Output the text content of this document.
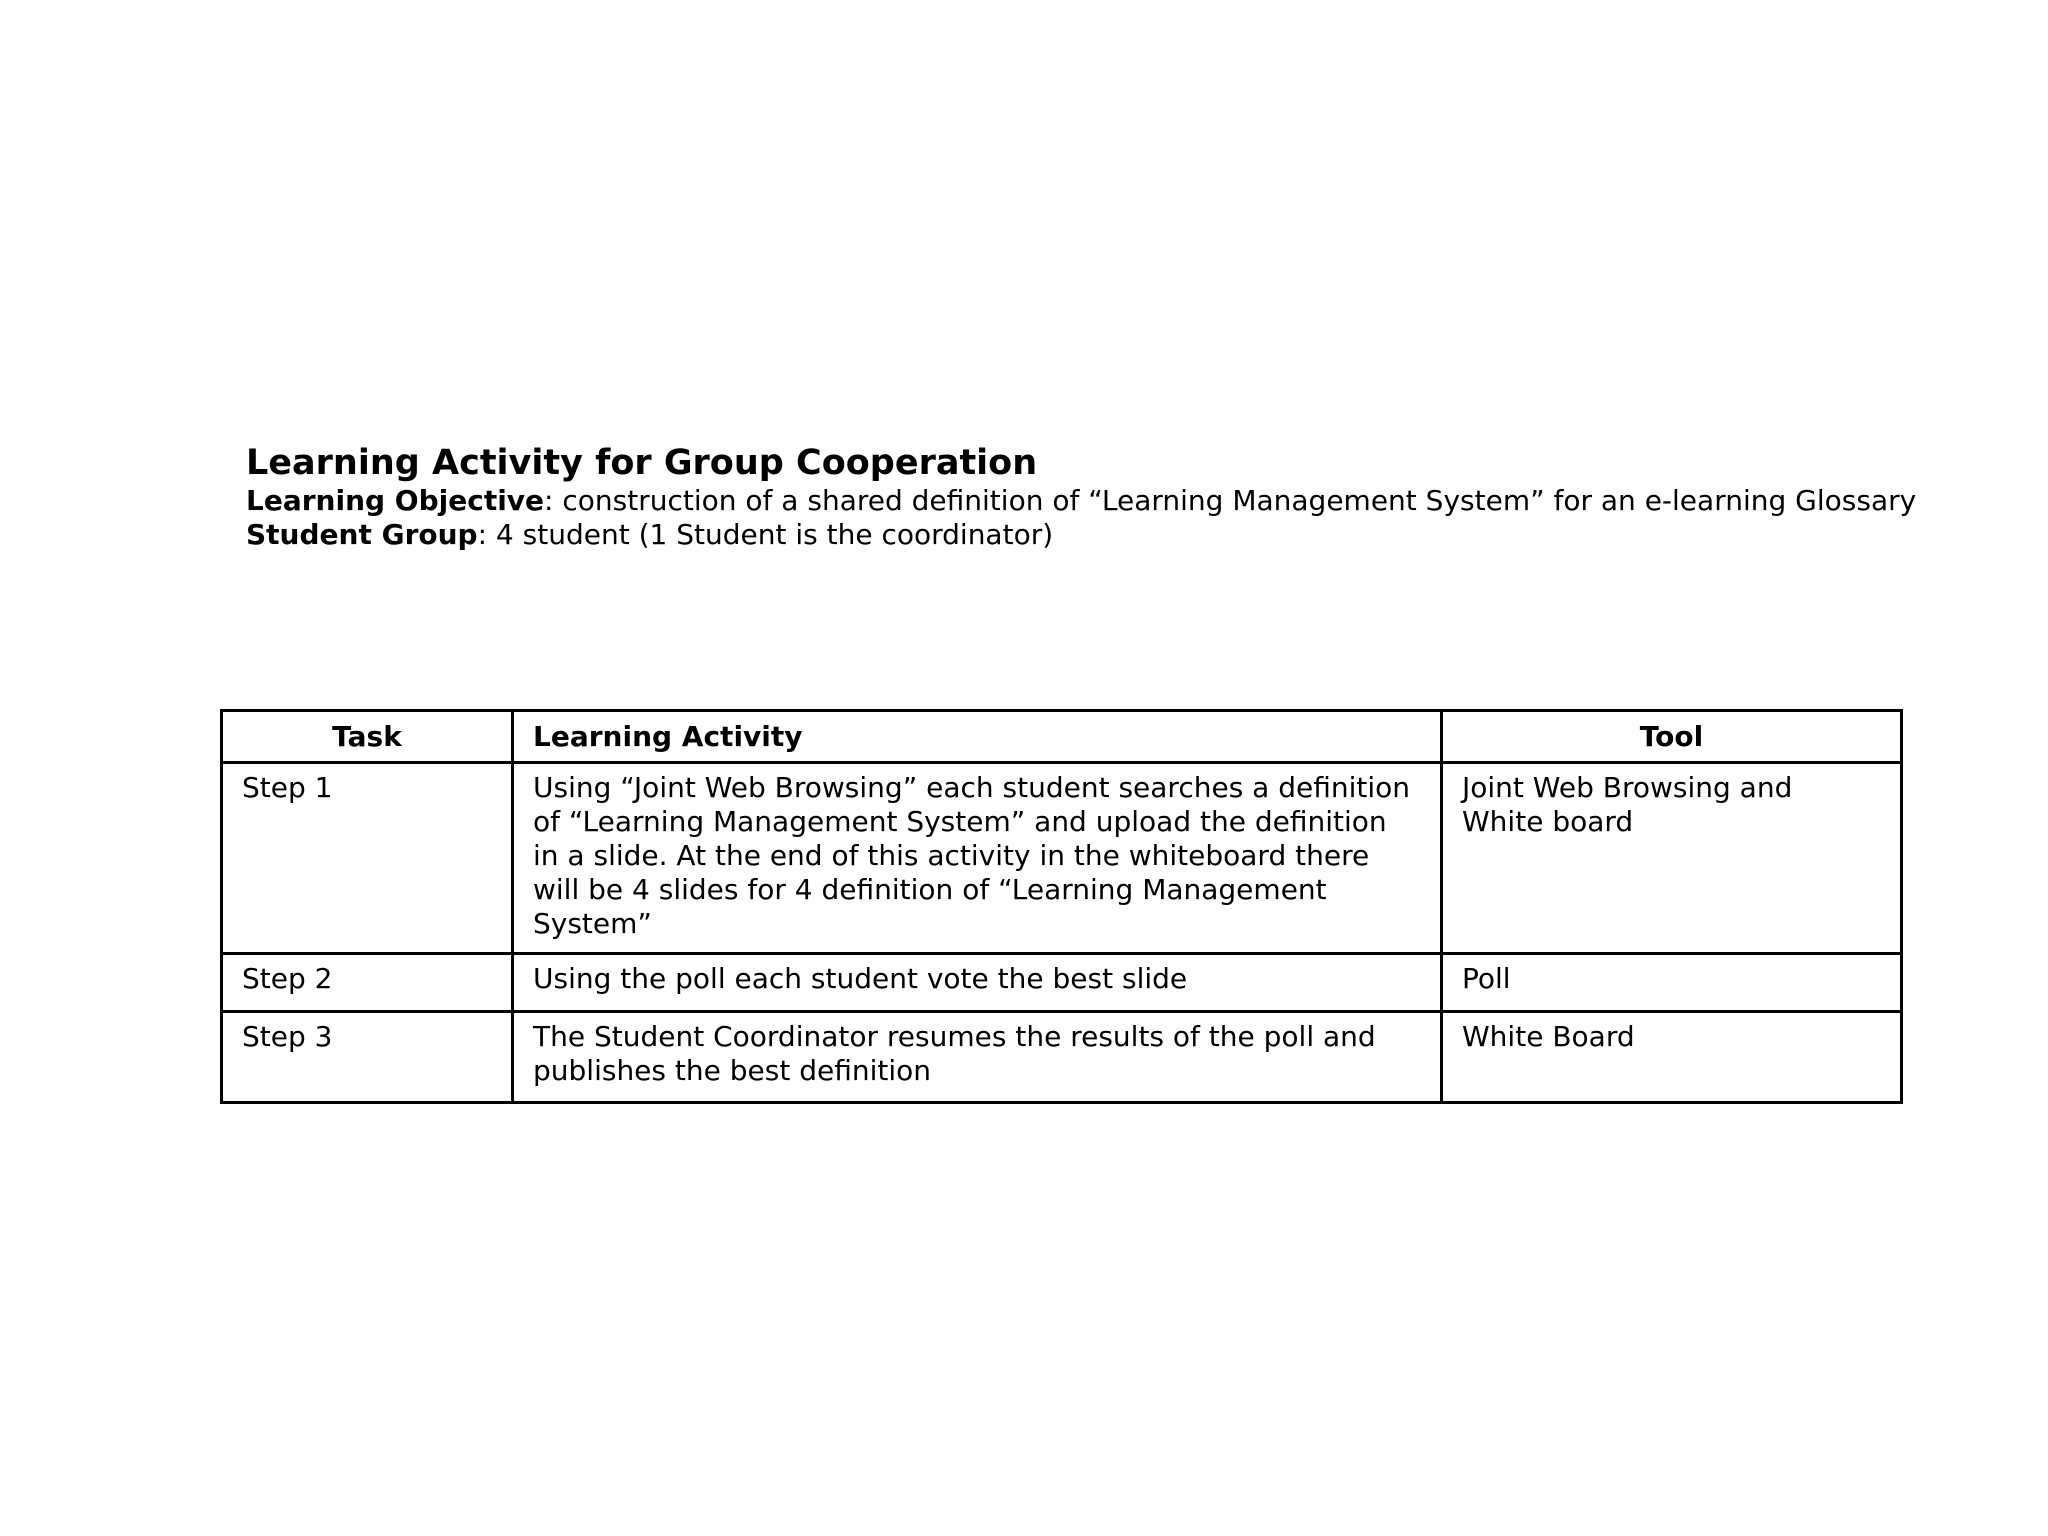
Learning Activity for Group Cooperation

Learning Objective: construction of a shared definition of “Learning Management System” for an e-learning Glossary

Student Group: 4 student (1 Student is the coordinator)

Task	Learning Activity	Tool
Step 1	Using “Joint Web Browsing” each student searches a definition of “Learning Management System” and upload the definition in a slide. At the end of this activity in the whiteboard there will be 4 slides for 4 definition of “Learning Management System”	Joint Web Browsing and White board
Step 2	Using the poll each student vote the best slide	Poll
Step 3	The Student Coordinator resumes the results of the poll and publishes the best definition	White Board
